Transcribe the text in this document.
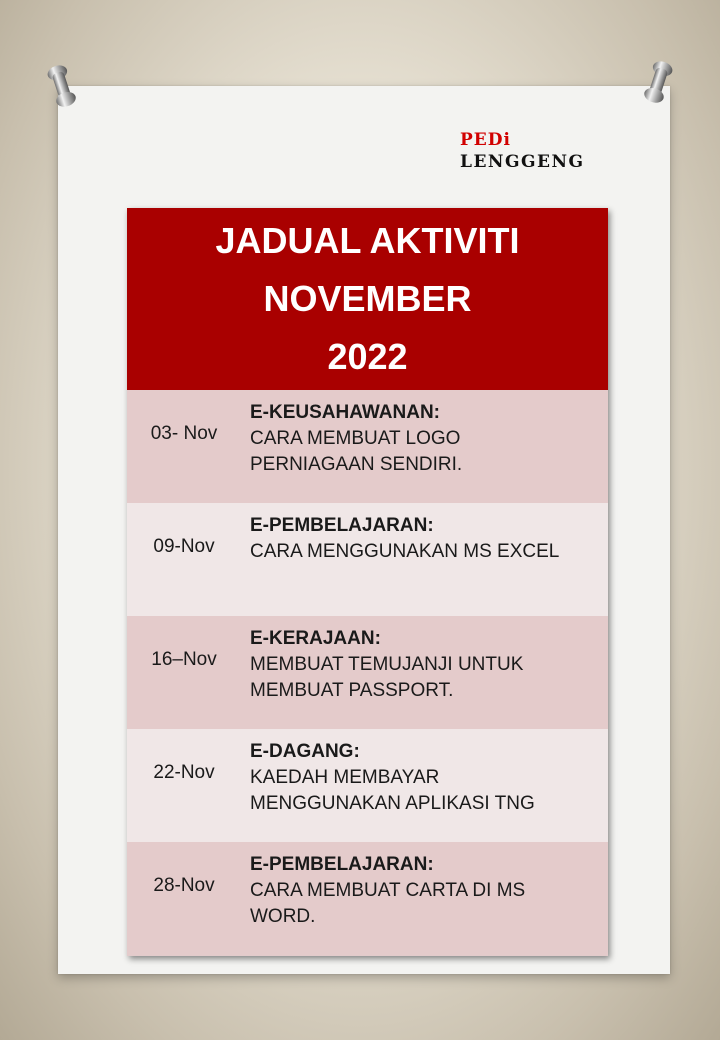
PEDi
LENGGENG
JADUAL AKTIVITI
NOVEMBER
2022
03- Nov
E-KEUSAHAWANAN:
CARA MEMBUAT LOGO
PERNIAGAAN SENDIRI.
09-Nov
E-PEMBELAJARAN:
CARA MENGGUNAKAN MS EXCEL
16–Nov
E-KERAJAAN:
MEMBUAT TEMUJANJI UNTUK
MEMBUAT PASSPORT.
22-Nov
E-DAGANG:
KAEDAH MEMBAYAR
MENGGUNAKAN APLIKASI TNG
28-Nov
E-PEMBELAJARAN:
CARA MEMBUAT CARTA DI MS
WORD.
